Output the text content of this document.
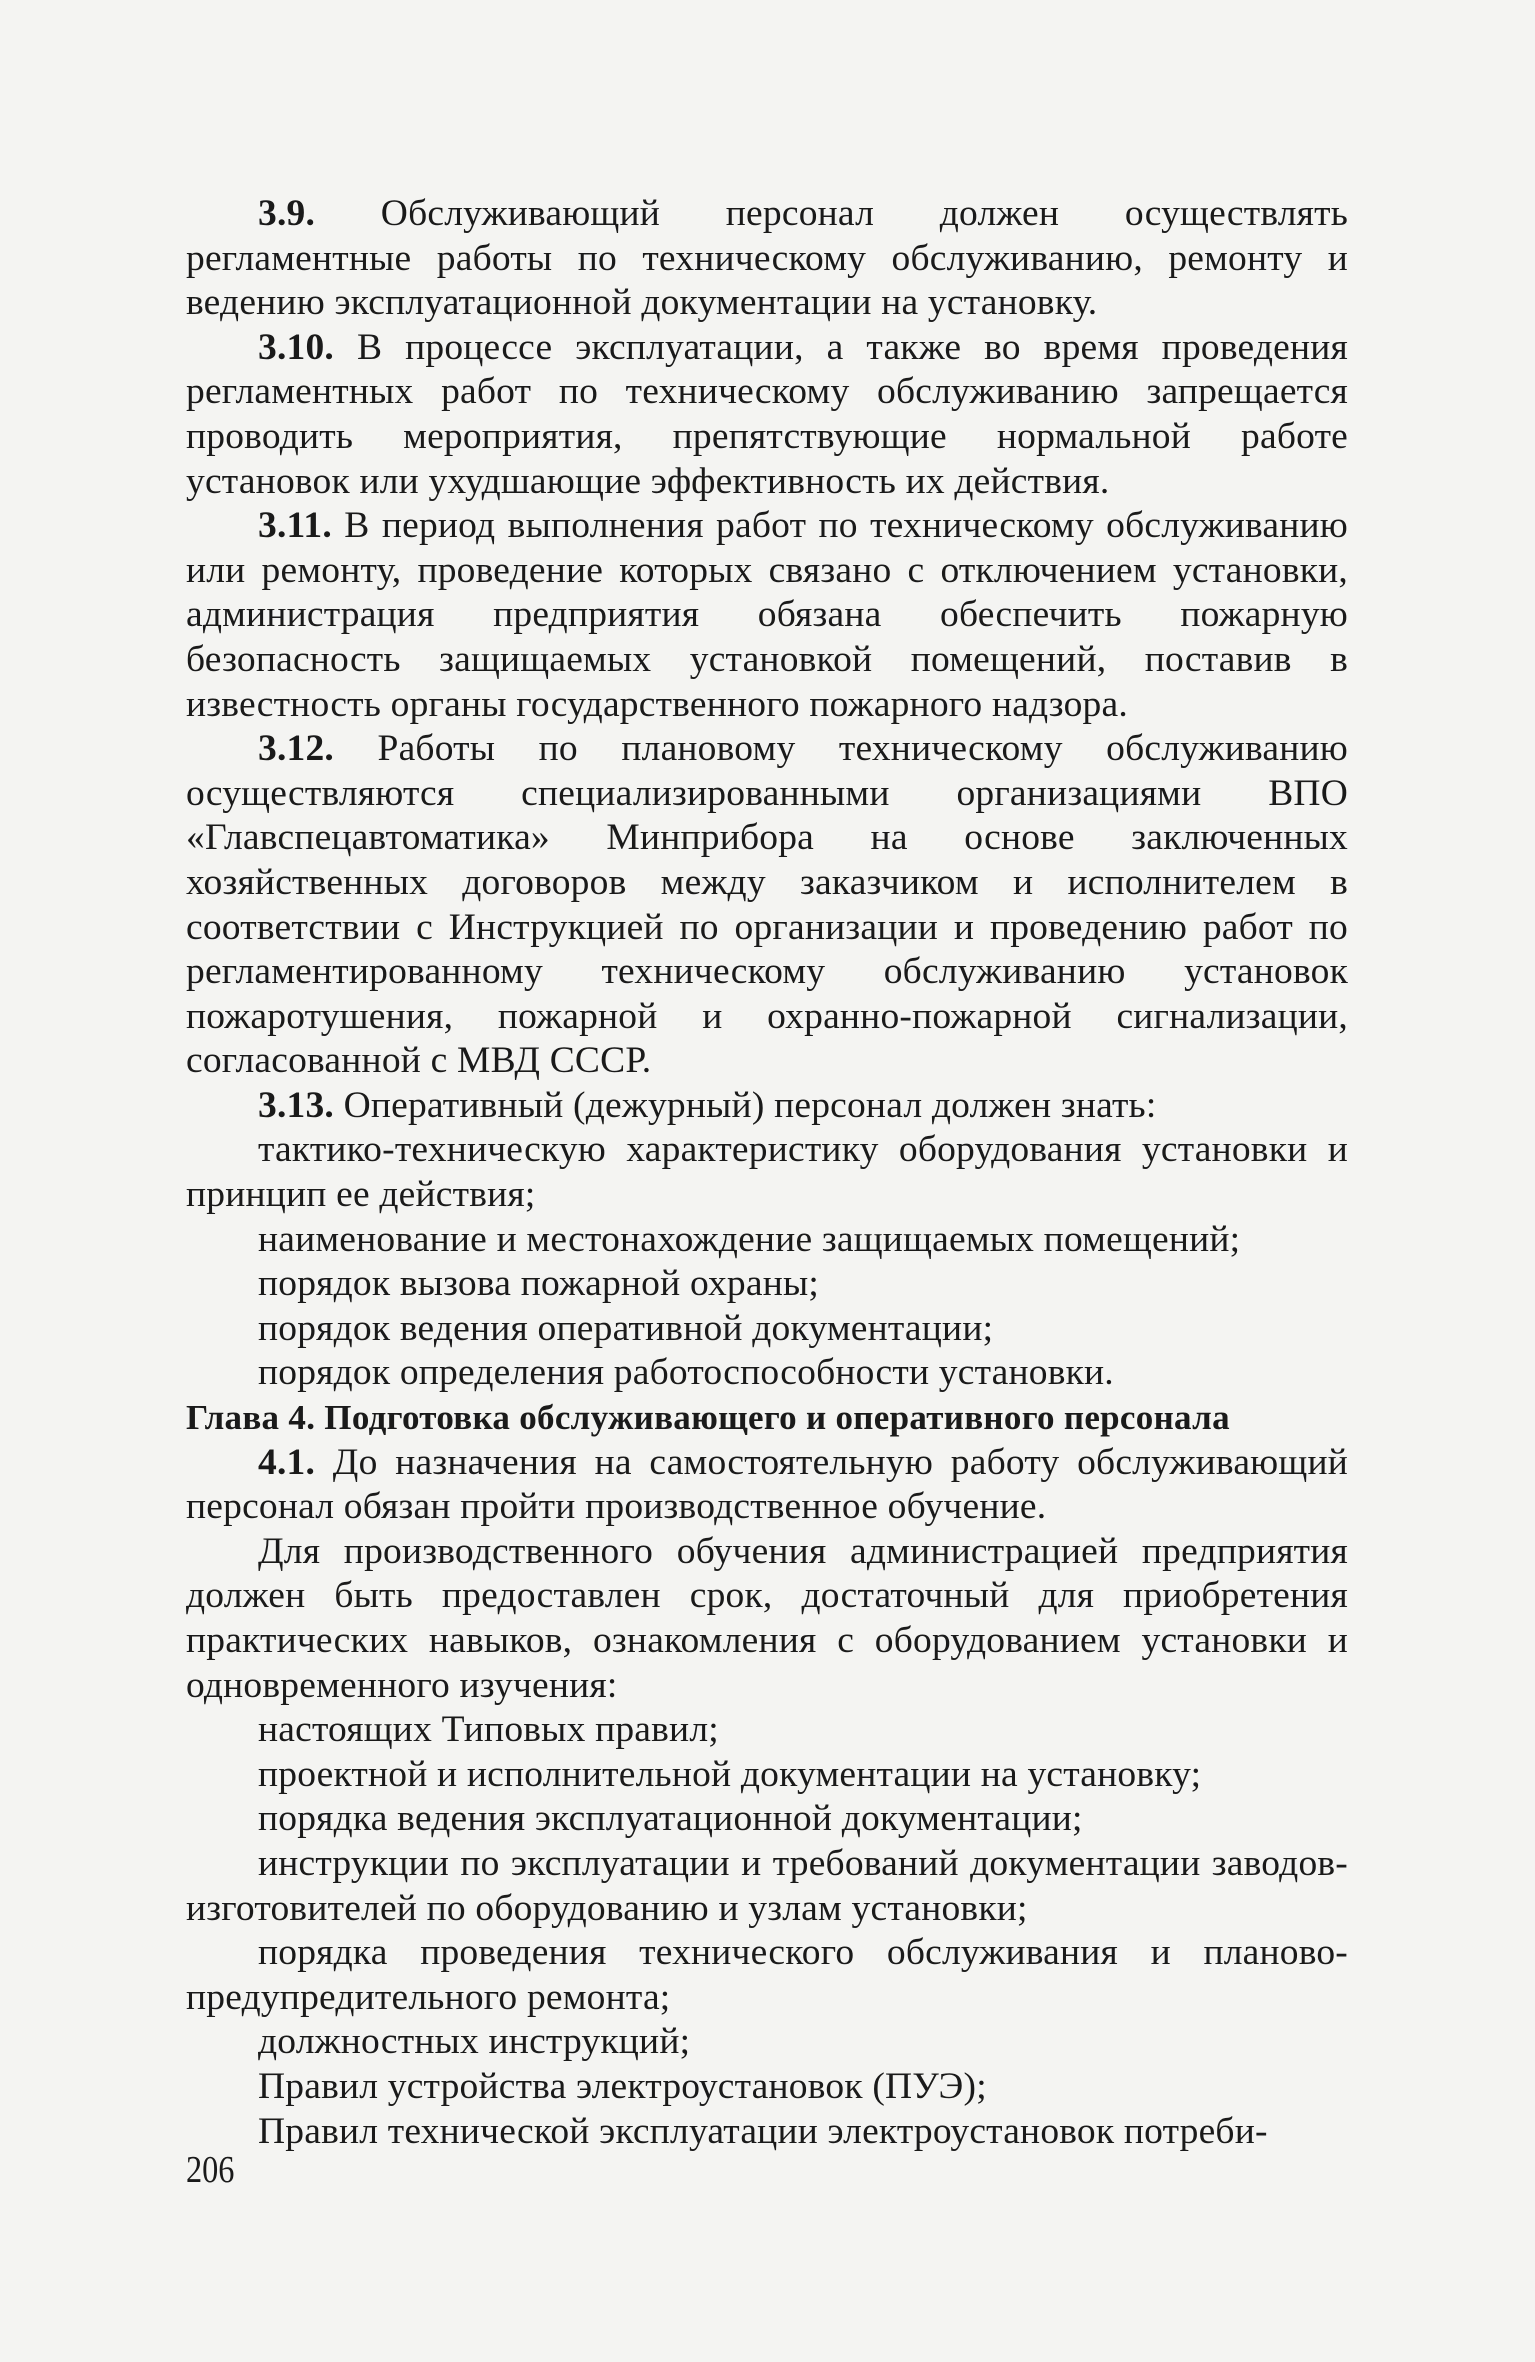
3.9. Обслуживающий персонал должен осуществлять регламентные работы по техническому обслуживанию, ремонту и ведению эксплуатационной документации на установку.

3.10. В процессе эксплуатации, а также во время проведения регламентных работ по техническому обслуживанию запрещается проводить мероприятия, препятствующие нормальной работе установок или ухудшающие эффективность их действия.

3.11. В период выполнения работ по техническому обслуживанию или ремонту, проведение которых связано с отключением установки, администрация предприятия обязана обеспечить пожарную безопасность защищаемых установкой помещений, поставив в известность органы государственного пожарного надзора.

3.12. Работы по плановому техническому обслуживанию осуществляются специализированными организациями ВПО «Главспецавтоматика» Минприбора на основе заключенных хозяйственных договоров между заказчиком и исполнителем в соответствии с Инструкцией по организации и проведению работ по регламентированному техническому обслуживанию установок пожаротушения, пожарной и охранно-пожарной сигнализации, согласованной с МВД СССР.

3.13. Оперативный (дежурный) персонал должен знать:

тактико-техническую характеристику оборудования установки и принцип ее действия;

наименование и местонахождение защищаемых помещений;

порядок вызова пожарной охраны;

порядок ведения оперативной документации;

порядок определения работоспособности установки.

Глава 4. Подготовка обслуживающего и оперативного персонала

4.1. До назначения на самостоятельную работу обслуживающий персонал обязан пройти производственное обучение.

Для производственного обучения администрацией предприятия должен быть предоставлен срок, достаточный для приобретения практических навыков, ознакомления с оборудованием установки и одновременного изучения:

настоящих Типовых правил;

проектной и исполнительной документации на установку;

порядка ведения эксплуатационной документации;

инструкции по эксплуатации и требований документации заводов-изготовителей по оборудованию и узлам установки;

порядка проведения технического обслуживания и планово-предупредительного ремонта;

должностных инструкций;

Правил устройства электроустановок (ПУЭ);

Правил технической эксплуатации электроустановок потреби-

206
